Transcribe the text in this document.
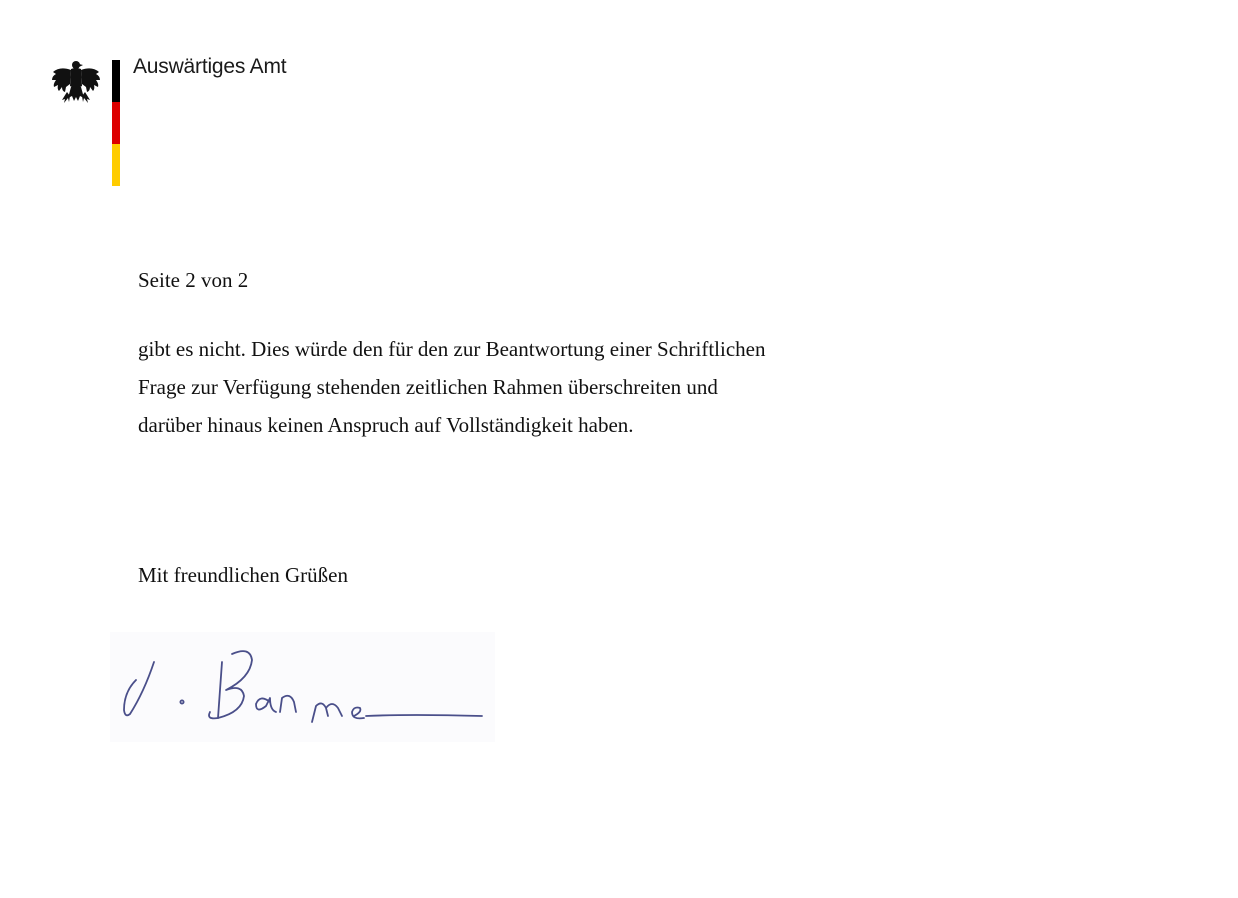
Auswärtiges Amt
Seite 2 von 2
gibt es nicht. Dies würde den für den zur Beantwortung einer Schriftlichen
Frage zur Verfügung stehenden zeitlichen Rahmen überschreiten und
darüber hinaus keinen Anspruch auf Vollständigkeit haben.
Mit freundlichen Grüßen
